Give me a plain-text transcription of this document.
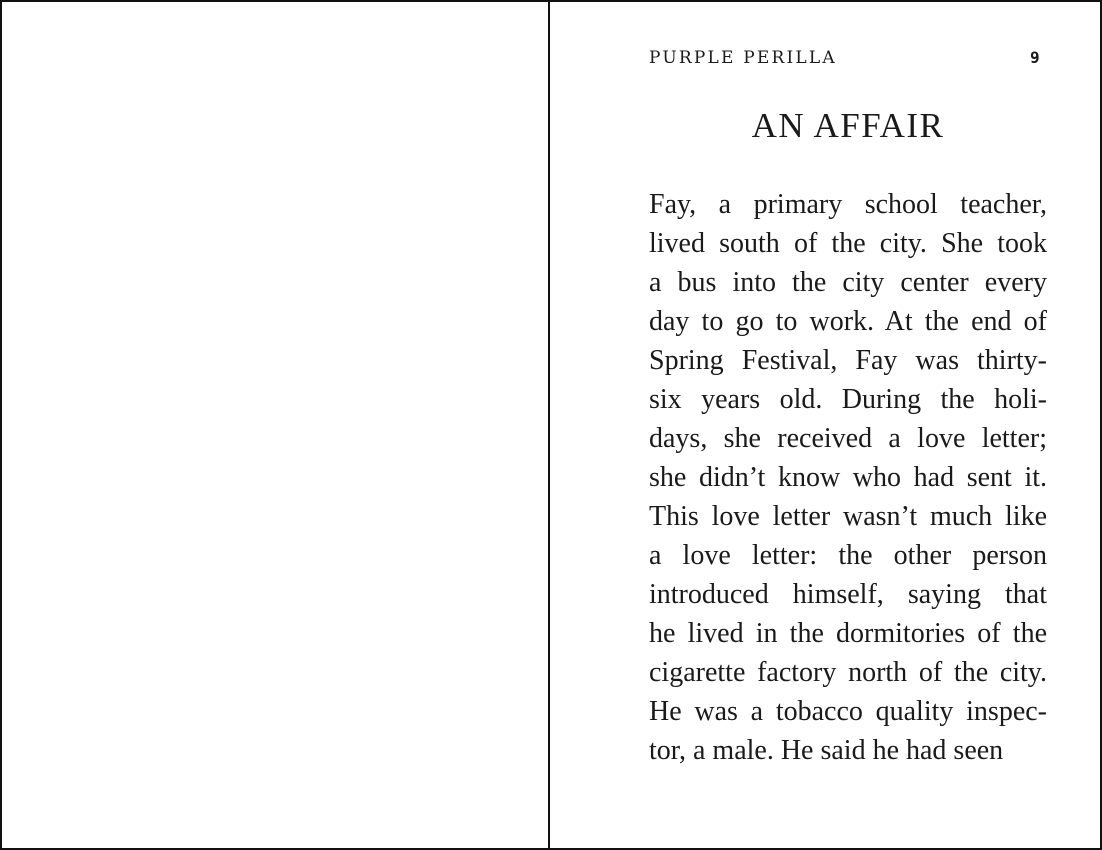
PURPLE PERILLA	9
AN AFFAIR
Fay, a primary school teacher,
lived south of the city. She took
a bus into the city center every
day to go to work. At the end of
Spring Festival, Fay was thirty-
six years old. During the holi-
days, she received a love letter;
she didn’t know who had sent it.
This love letter wasn’t much like
a love letter: the other person
introduced himself, saying that
he lived in the dormitories of the
cigarette factory north of the city.
He was a tobacco quality inspec-
tor, a male. He said he had seen
